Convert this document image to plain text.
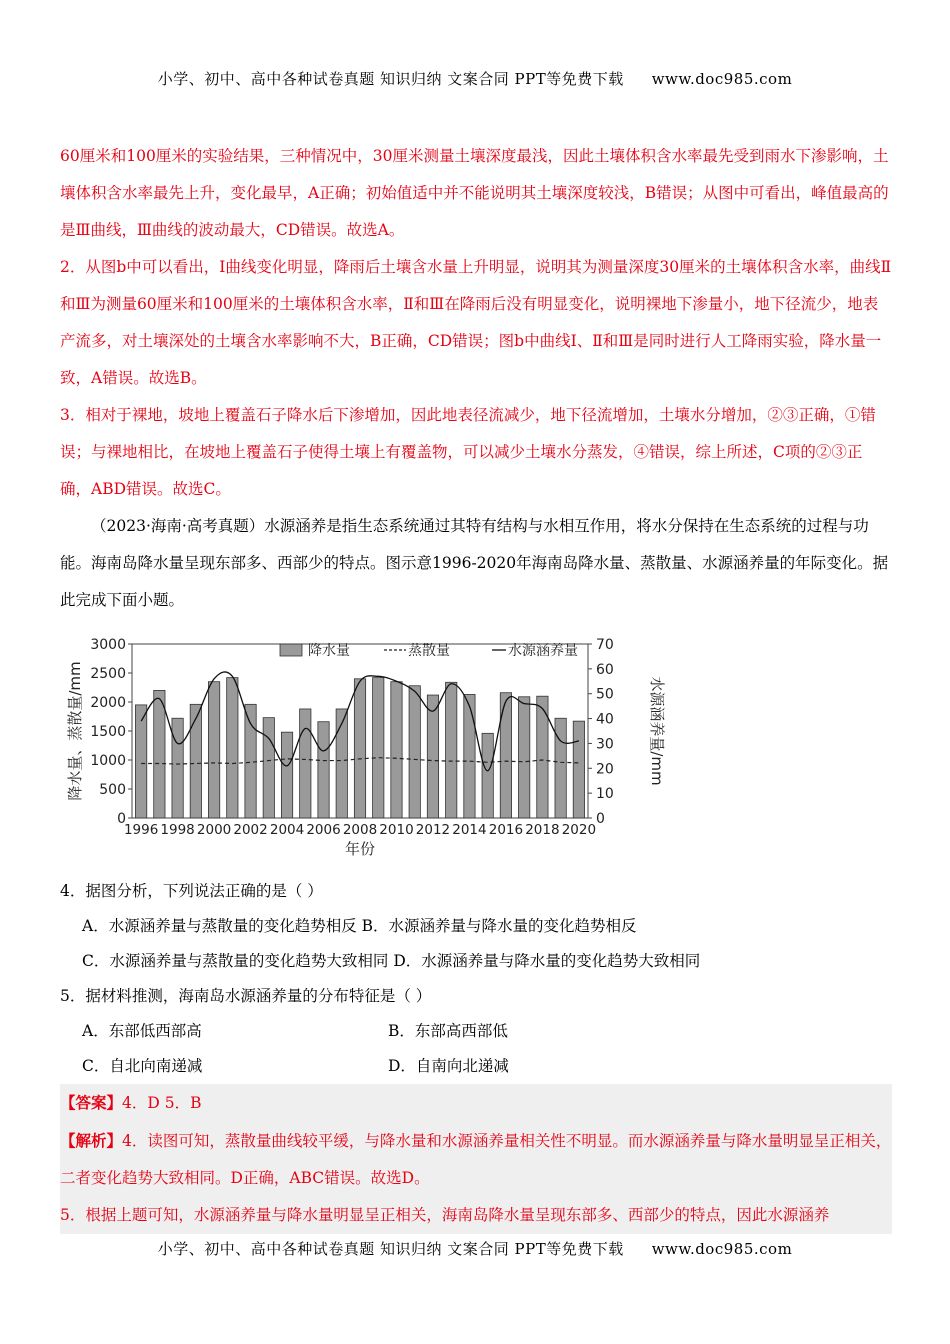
小学、初中、高中各种试卷真题 知识归纳 文案合同 PPT等免费下载 www.doc985.com

60厘米和100厘米的实验结果，三种情况中，30厘米测量土壤深度最浅，因此土壤体积含水率最先受到雨水下渗影响，土壤体积含水率最先上升，变化最早，A正确；初始值适中并不能说明其土壤深度较浅，B错误；从图中可看出，峰值最高的是Ⅲ曲线，Ⅲ曲线的波动最大，CD错误。故选A。

2．从图b中可以看出，I曲线变化明显，降雨后土壤含水量上升明显，说明其为测量深度30厘米的土壤体积含水率，曲线Ⅱ和Ⅲ为测量60厘米和100厘米的土壤体积含水率，Ⅱ和Ⅲ在降雨后没有明显变化，说明裸地下渗量小，地下径流少，地表产流多，对土壤深处的土壤含水率影响不大，B正确，CD错误；图b中曲线I、Ⅱ和Ⅲ是同时进行人工降雨实验，降水量一致，A错误。故选B。

3．相对于裸地，坡地上覆盖石子降水后下渗增加，因此地表径流减少，地下径流增加，土壤水分增加，②③正确，①错误；与裸地相比，在坡地上覆盖石子使得土壤上有覆盖物，可以减少土壤水分蒸发，④错误，综上所述，C项的②③正确，ABD错误。故选C。

（2023·海南·高考真题）水源涵养是指生态系统通过其特有结构与水相互作用，将水分保持在生态系统的过程与功能。海南岛降水量呈现东部多、西部少的特点。图示意1996-2020年海南岛降水量、蒸散量、水源涵养量的年际变化。据此完成下面小题。

0
500
1000
1500
2000
2500
3000
0
10
20
30
40
50
60
70
1996 1998 2000 2002 2004 2006 2008 2010 2012 2014 2016 2018 2020
年份
降水量、蒸散量/mm	水源涵养量/mm
降水量	蒸散量	水源涵养量

4．据图分析，下列说法正确的是（ ）

A．水源涵养量与蒸散量的变化趋势相反 B．水源涵养量与降水量的变化趋势相反

C．水源涵养量与蒸散量的变化趋势大致相同 D．水源涵养量与降水量的变化趋势大致相同

5．据材料推测，海南岛水源涵养量的分布特征是（ ）

A．东部低西部高	B．东部高西部低
C．自北向南递减	D．自南向北递减

【答案】4．D 5．B

【解析】4．读图可知，蒸散量曲线较平缓，与降水量和水源涵养量相关性不明显。而水源涵养量与降水量明显呈正相关，二者变化趋势大致相同。D正确，ABC错误。故选D。

5．根据上题可知，水源涵养量与降水量明显呈正相关，海南岛降水量呈现东部多、西部少的特点，因此水源涵养

小学、初中、高中各种试卷真题 知识归纳 文案合同 PPT等免费下载 www.doc985.com
